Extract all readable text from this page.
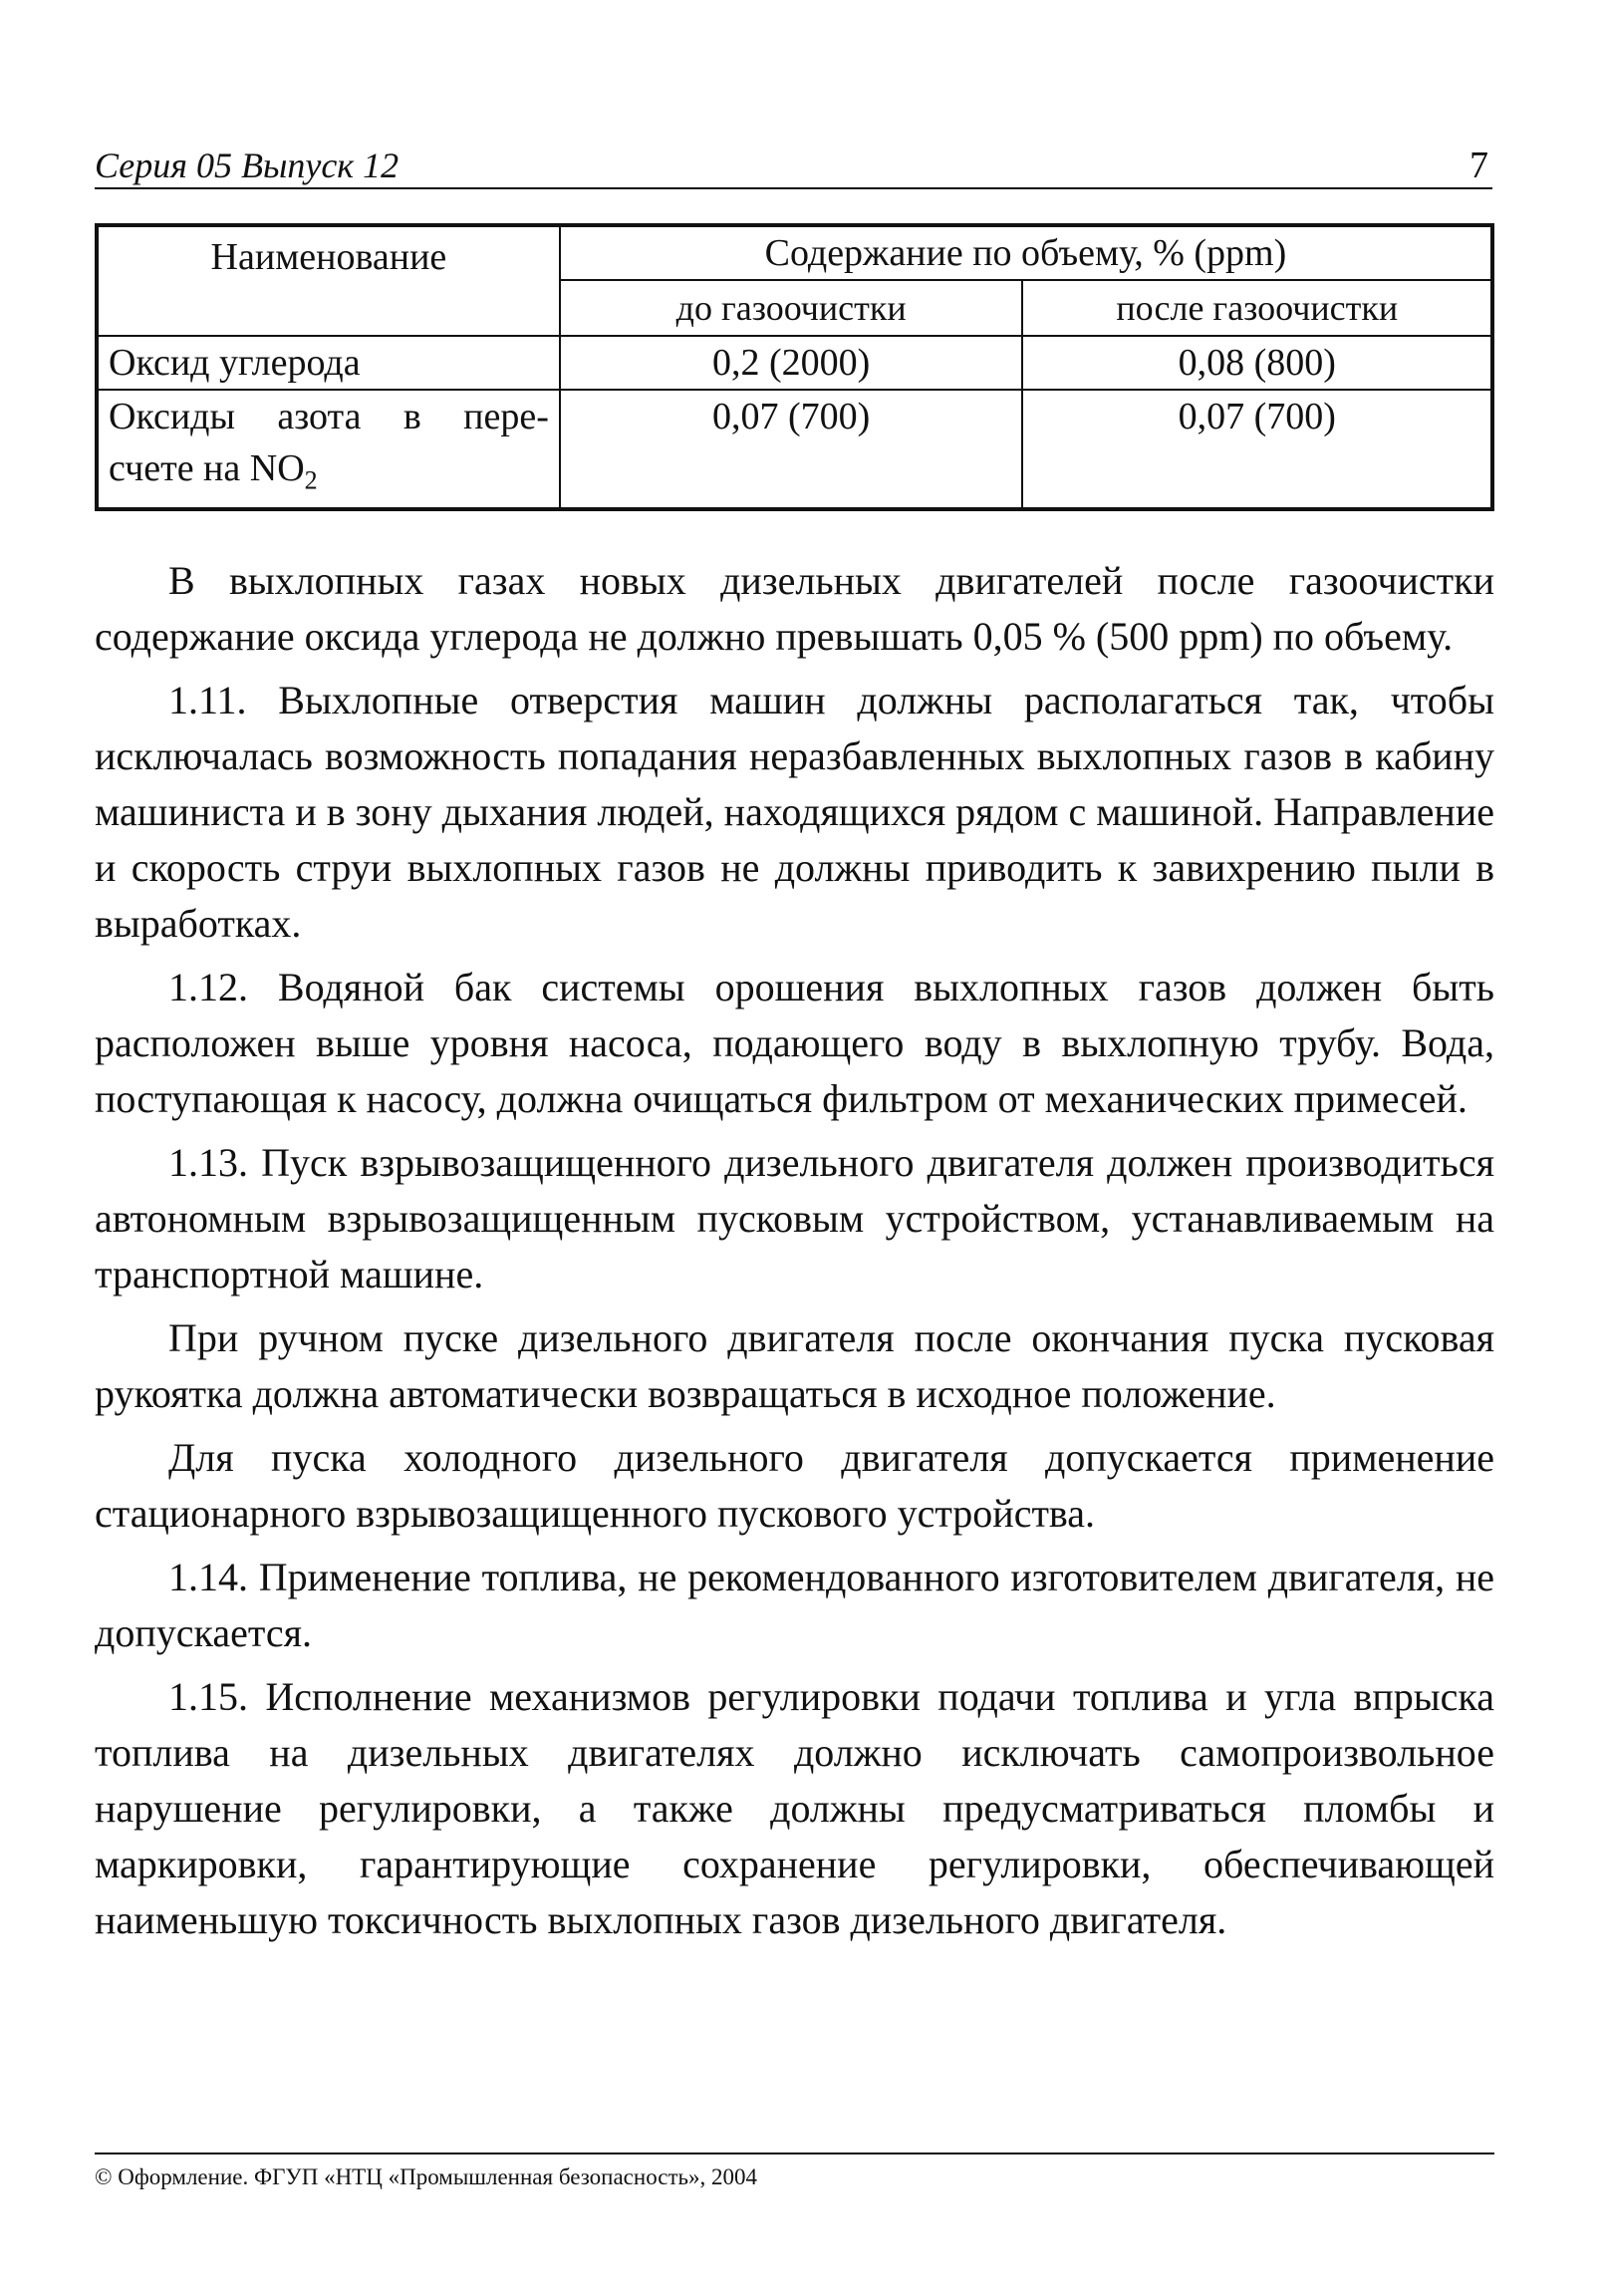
Серия 05 Выпуск 12	7
Наименование	Содержание по объему, % (ppm)	
	до газоочистки	после газоочистки
Оксид углерода	0,2 (2000)	0,08 (800)

Оксиды азота в пере-
счете на $NO_2$	0,07 (700)	0,07 (700)

В выхлопных газах новых дизельных двигателей после газоочистки содержание оксида углерода не должно превышать 0,05 % (500 ppm) по объему.

1.11. Выхлопные отверстия машин должны располагаться так, чтобы исключалась возможность попадания неразбавленных выхлопных газов в кабину машиниста и в зону дыхания людей, находящихся рядом с машиной. Направление и скорость струи выхлопных газов не должны приводить к завихрению пыли в выработках.

1.12. Водяной бак системы орошения выхлопных газов должен быть расположен выше уровня насоса, подающего воду в выхлопную трубу. Вода, поступающая к насосу, должна очищаться фильтром от механических примесей.

1.13. Пуск взрывозащищенного дизельного двигателя должен производиться автономным взрывозащищенным пусковым устройством, устанавливаемым на транспортной машине.

При ручном пуске дизельного двигателя после окончания пуска пусковая рукоятка должна автоматически возвращаться в исходное положение.

Для пуска холодного дизельного двигателя допускается применение стационарного взрывозащищенного пускового устройства.

1.14. Применение топлива, не рекомендованного изготовителем двигателя, не допускается.

1.15. Исполнение механизмов регулировки подачи топлива и угла впрыска топлива на дизельных двигателях должно исключать самопроизвольное нарушение регулировки, а также должны предусматриваться пломбы и маркировки, гарантирующие сохранение регулировки, обеспечивающей наименьшую токсичность выхлопных газов дизельного двигателя.

© Оформление. ФГУП «НТЦ «Промышленная безопасность», 2004
